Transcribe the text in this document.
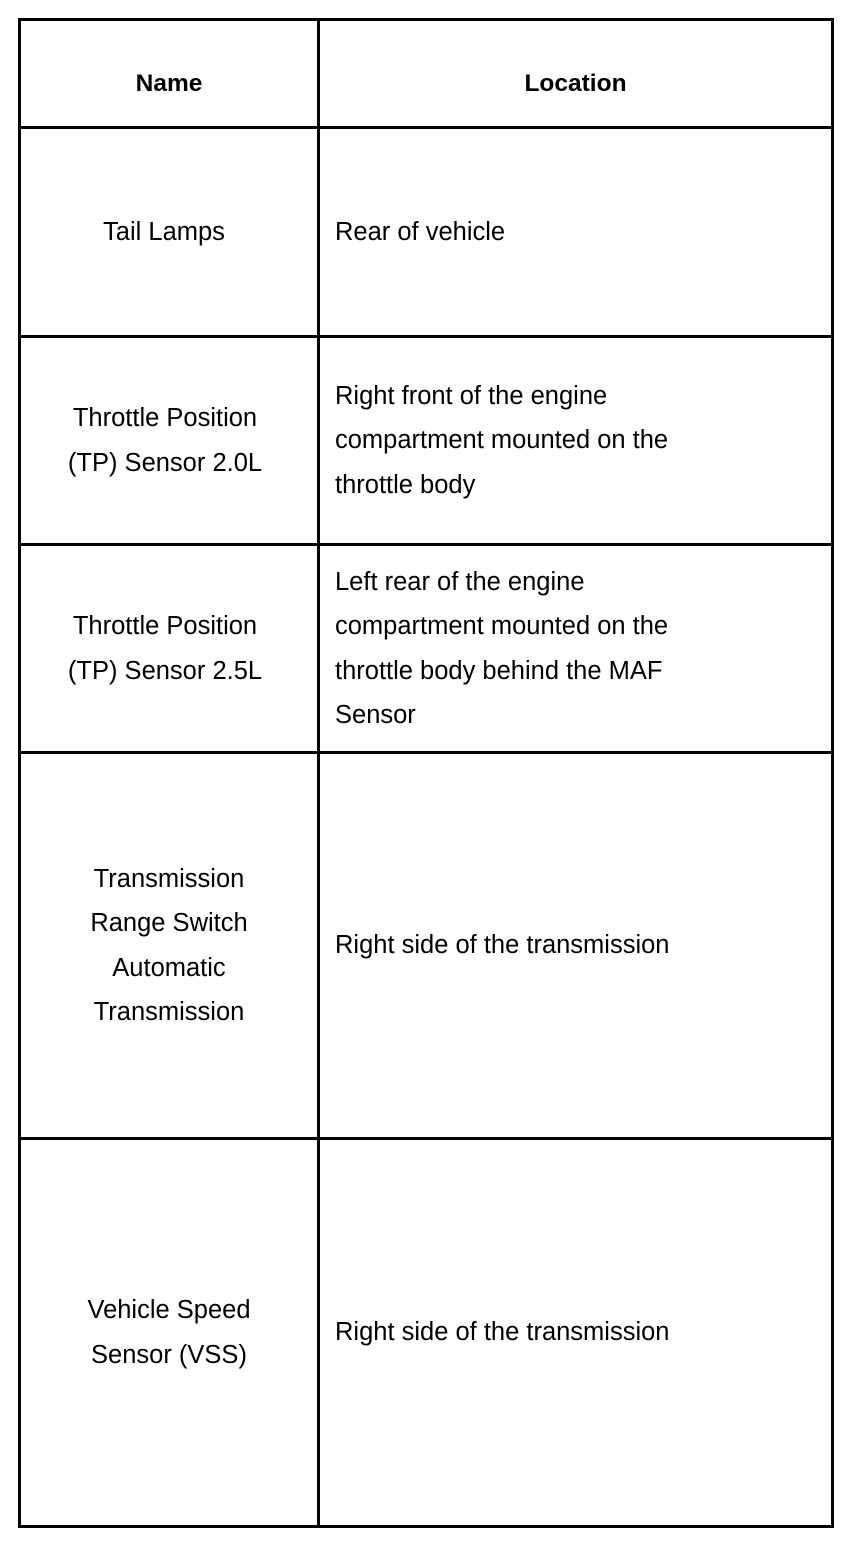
Name	Location
Tail Lamps	Rear of vehicle
Throttle Position
(TP) Sensor 2.0L
Right front of the engine compartment mounted on the throttle body
Throttle Position
(TP) Sensor 2.5L
Left rear of the engine compartment mounted on the throttle body behind the MAF Sensor
Transmission
Range Switch
Automatic
Transmission
Right side of the transmission
Vehicle Speed
Sensor (VSS)
Right side of the transmission
